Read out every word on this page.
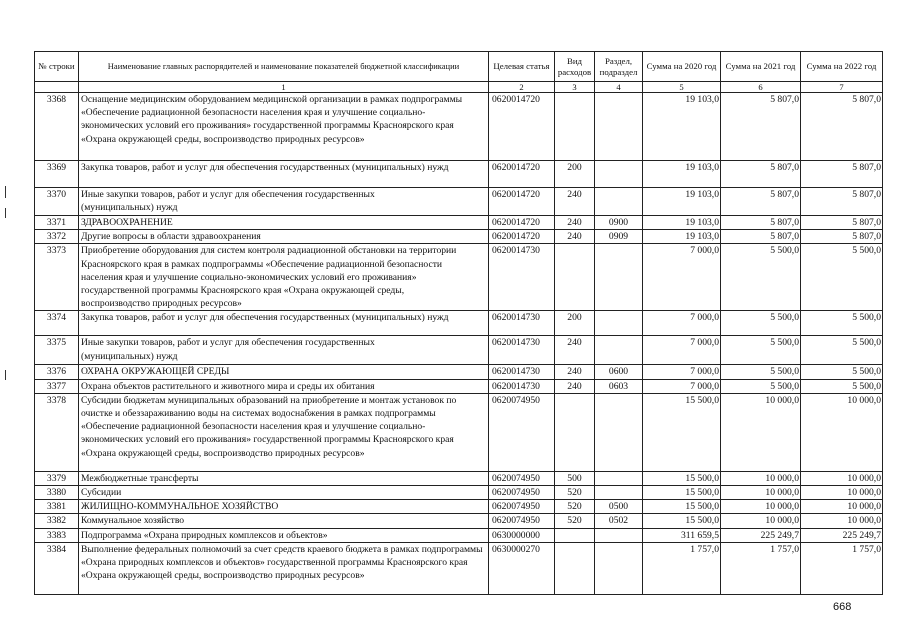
№ строки	Наименование главных распорядителей и наименование показателей бюджетной классификации	Целевая статья	Вид расходов	Раздел, подраздел	Сумма на 2020 год	Сумма на 2021 год	Сумма на 2022 год
	1	2	3	4	5	6	7
3368	Оснащение медицинским оборудованием медицинской организации в рамках подпрограммы «Обеспечение радиационной безопасности населения края и улучшение социально-экономических условий его проживания» государственной программы Красноярского края «Охрана окружающей среды, воспроизводство природных ресурсов»	0620014720			19 103,0	5 807,0	5 807,0
3369	Закупка товаров, работ и услуг для обеспечения государственных (муниципальных) нужд	0620014720	200		19 103,0	5 807,0	5 807,0
3370	Иные закупки товаров, работ и услуг для обеспечения государственных (муниципальных) нужд	0620014720	240		19 103,0	5 807,0	5 807,0
3371	ЗДРАВООХРАНЕНИЕ	0620014720	240	0900	19 103,0	5 807,0	5 807,0
3372	Другие вопросы в области здравоохранения	0620014720	240	0909	19 103,0	5 807,0	5 807,0
3373	Приобретение оборудования для систем контроля радиационной обстановки на территории Красноярского края в рамках подпрограммы «Обеспечение радиационной безопасности населения края и улучшение социально-экономических условий его проживания» государственной программы Красноярского края «Охрана окружающей среды, воспроизводство природных ресурсов»	0620014730			7 000,0	5 500,0	5 500,0
3374	Закупка товаров, работ и услуг для обеспечения государственных (муниципальных) нужд	0620014730	200		7 000,0	5 500,0	5 500,0
3375	Иные закупки товаров, работ и услуг для обеспечения государственных (муниципальных) нужд	0620014730	240		7 000,0	5 500,0	5 500,0
3376	ОХРАНА ОКРУЖАЮЩЕЙ СРЕДЫ	0620014730	240	0600	7 000,0	5 500,0	5 500,0
3377	Охрана объектов растительного и животного мира и среды их обитания	0620014730	240	0603	7 000,0	5 500,0	5 500,0
3378	Субсидии бюджетам муниципальных образований на приобретение и монтаж установок по очистке и обеззараживанию воды на системах водоснабжения в рамках подпрограммы «Обеспечение радиационной безопасности населения края и улучшение социально-экономических условий его проживания» государственной программы Красноярского края «Охрана окружающей среды, воспроизводство природных ресурсов»	0620074950			15 500,0	10 000,0	10 000,0
3379	Межбюджетные трансферты	0620074950	500		15 500,0	10 000,0	10 000,0
3380	Субсидии	0620074950	520		15 500,0	10 000,0	10 000,0
3381	ЖИЛИЩНО-КОММУНАЛЬНОЕ ХОЗЯЙСТВО	0620074950	520	0500	15 500,0	10 000,0	10 000,0
3382	Коммунальное хозяйство	0620074950	520	0502	15 500,0	10 000,0	10 000,0
3383	Подпрограмма «Охрана природных комплексов и объектов»	0630000000			311 659,5	225 249,7	225 249,7
3384	Выполнение федеральных полномочий за счет средств краевого бюджета в рамках подпрограммы «Охрана природных комплексов и объектов» государственной программы Красноярского края «Охрана окружающей среды, воспроизводство природных ресурсов»	0630000270			1 757,0	1 757,0	1 757,0
668
